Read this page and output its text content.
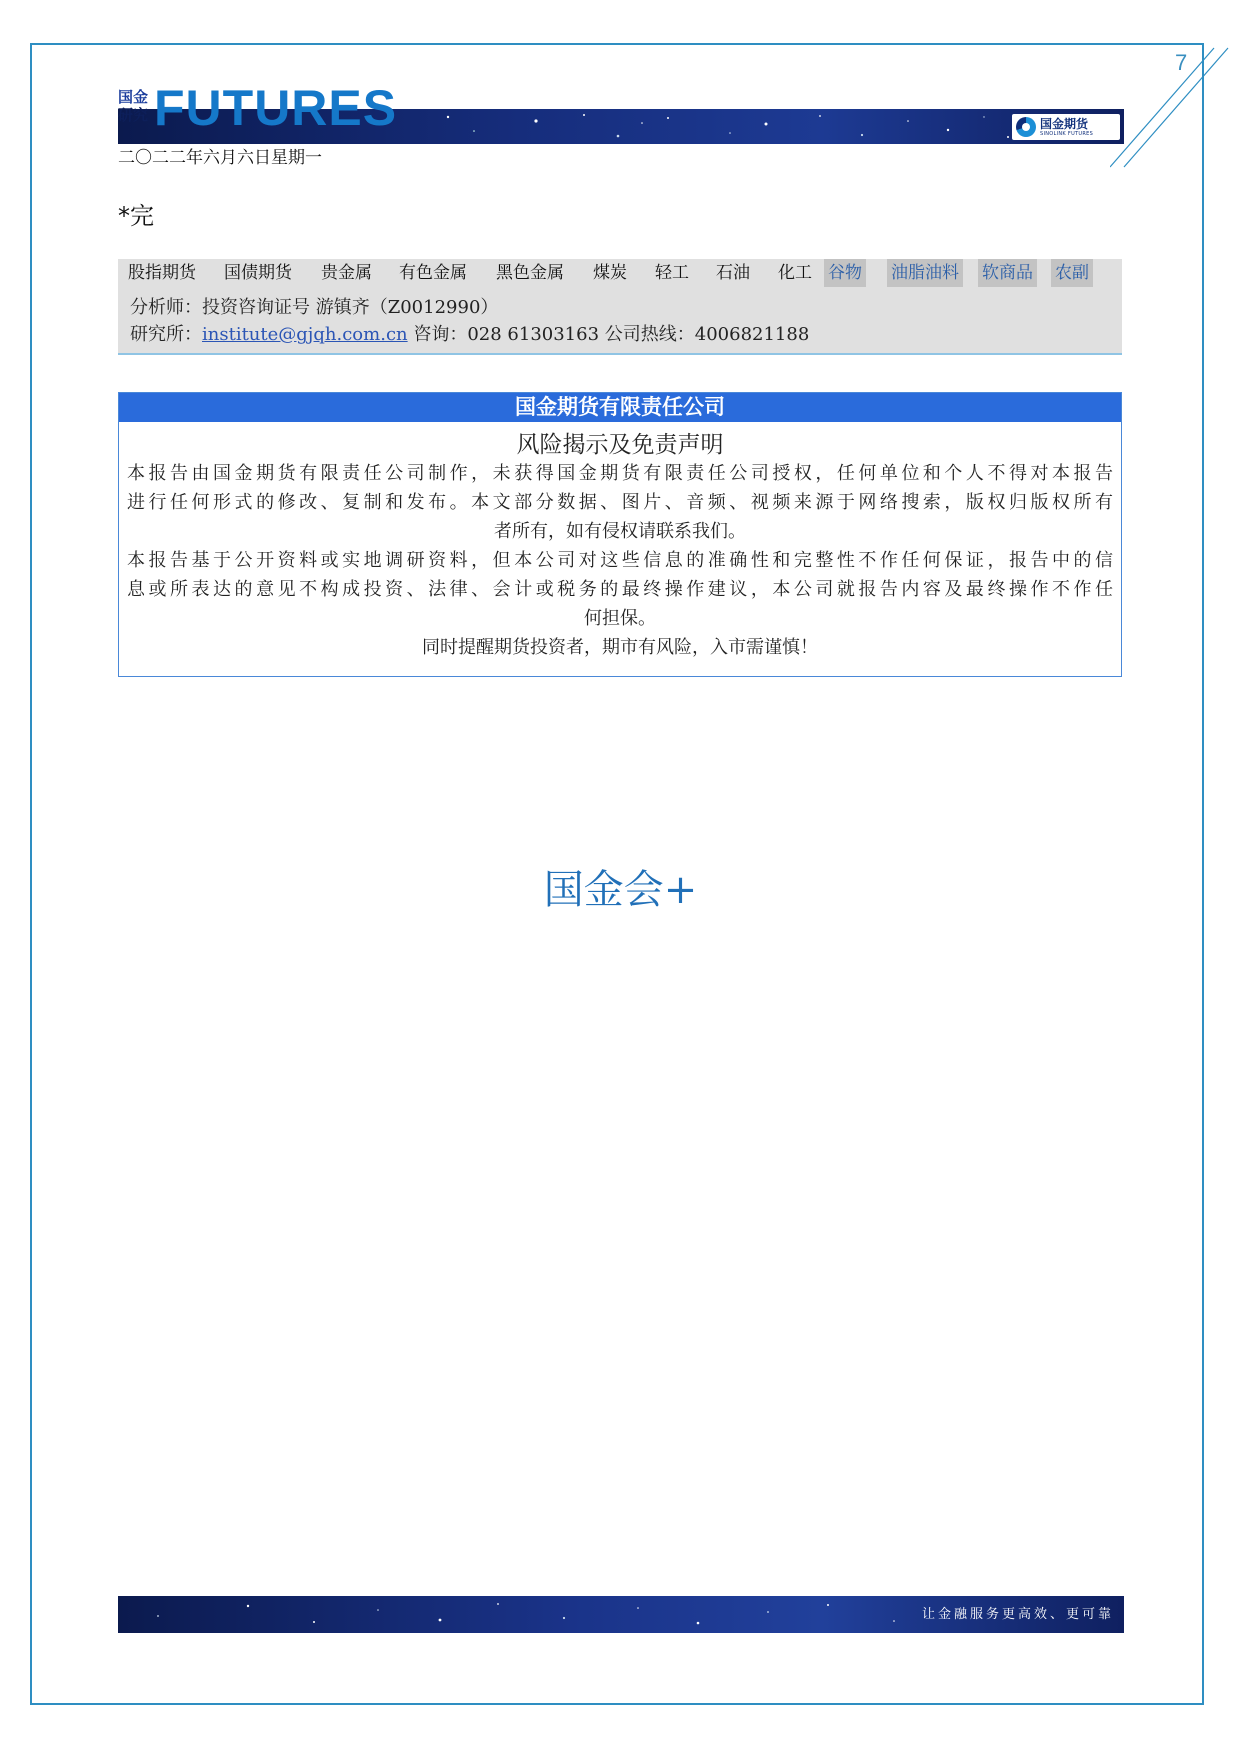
7
国金
研究 FUTURES	国金期货
SINOLINK FUTURES
二〇二二年六月六日星期一
*完
股指期货 国债期货 贵金属 有色金属 黑色金属 煤炭 轻工 石油 化工 谷物 油脂油料 软商品 农副
分析师：投资咨询证号 游镇齐（Z0012990）
研究所：institute@gjqh.com.cn 咨询：028 61303163 公司热线：4006821188
国金期货有限责任公司
风险揭示及免责声明

本报告由国金期货有限责任公司制作，未获得国金期货有限责任公司授权，任何单位和个人不得对本报告
进行任何形式的修改、复制和发布。本文部分数据、图片、音频、视频来源于网络搜索，版权归版权所有
者所有，如有侵权请联系我们。

本报告基于公开资料或实地调研资料，但本公司对这些信息的准确性和完整性不作任何保证，报告中的信
息或所表达的意见不构成投资、法律、会计或税务的最终操作建议，本公司就报告内容及最终操作不作任
何担保。

同时提醒期货投资者，期市有风险，入市需谨慎！

国金会+
让金融服务更高效、更可靠
